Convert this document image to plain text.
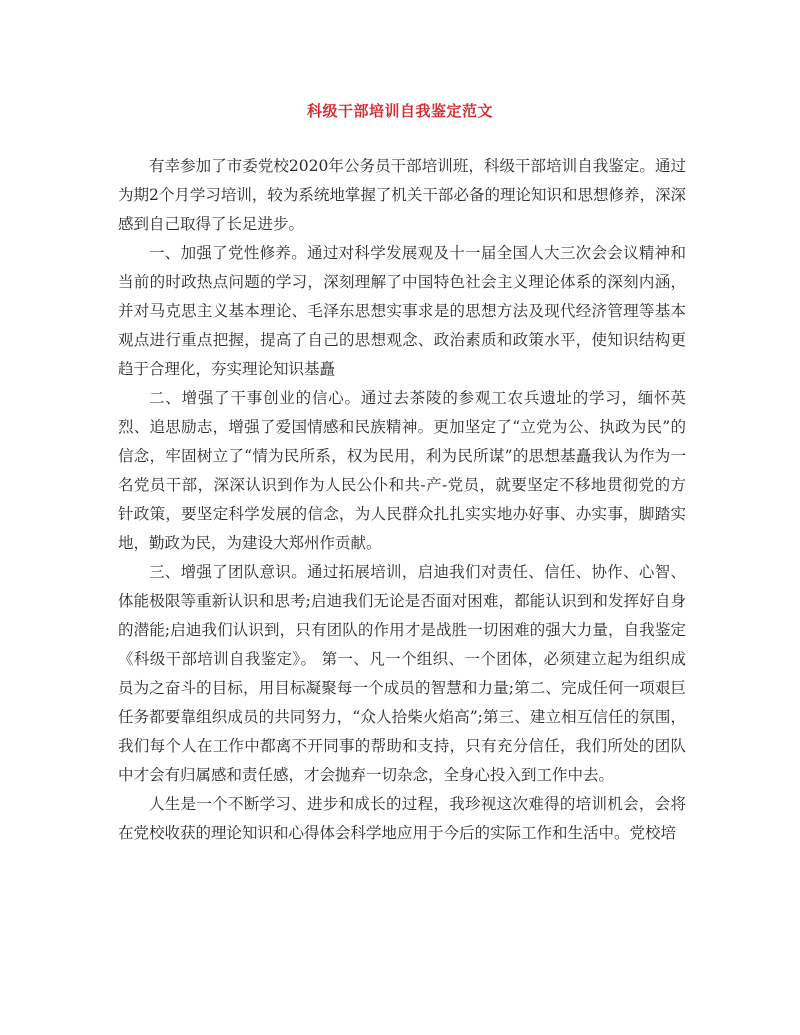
科级干部培训自我鉴定范文

有幸参加了市委党校2020年公务员干部培训班，科级干部培训自我鉴定。通过为期2个月学习培训，较为系统地掌握了机关干部必备的理论知识和思想修养，深深感到自己取得了长足进步。

一、加强了党性修养。通过对科学发展观及十一届全国人大三次会会议精神和当前的时政热点问题的学习，深刻理解了中国特色社会主义理论体系的深刻内涵，并对马克思主义基本理论、毛泽东思想实事求是的思想方法及现代经济管理等基本观点进行重点把握，提高了自己的思想观念、政治素质和政策水平，使知识结构更趋于合理化，夯实理论知识基矗

二、增强了干事创业的信心。通过去茶陵的参观工农兵遗址的学习，缅怀英烈、追思励志，增强了爱国情感和民族精神。更加坚定了“立党为公、执政为民”的信念，牢固树立了“情为民所系，权为民用，利为民所谋”的思想基矗我认为作为一名党员干部，深深认识到作为人民公仆和共-产-党员，就要坚定不移地贯彻党的方针政策，要坚定科学发展的信念，为人民群众扎扎实实地办好事、办实事，脚踏实地，勤政为民，为建设大郑州作贡献。

三、增强了团队意识。通过拓展培训，启迪我们对责任、信任、协作、心智、体能极限等重新认识和思考;启迪我们无论是否面对困难，都能认识到和发挥好自身的潜能;启迪我们认识到，只有团队的作用才是战胜一切困难的强大力量，自我鉴定《科级干部培训自我鉴定》。 第一、凡一个组织、一个团体，必须建立起为组织成员为之奋斗的目标，用目标凝聚每一个成员的智慧和力量;第二、完成任何一项艰巨任务都要靠组织成员的共同努力，“众人拾柴火焰高”;第三、建立相互信任的氛围，我们每个人在工作中都离不开同事的帮助和支持，只有充分信任，我们所处的团队中才会有归属感和责任感，才会抛弃一切杂念，全身心投入到工作中去。

人生是一个不断学习、进步和成长的过程，我珍视这次难得的培训机会，会将在党校收获的理论知识和心得体会科学地应用于今后的实际工作和生活中。党校培
